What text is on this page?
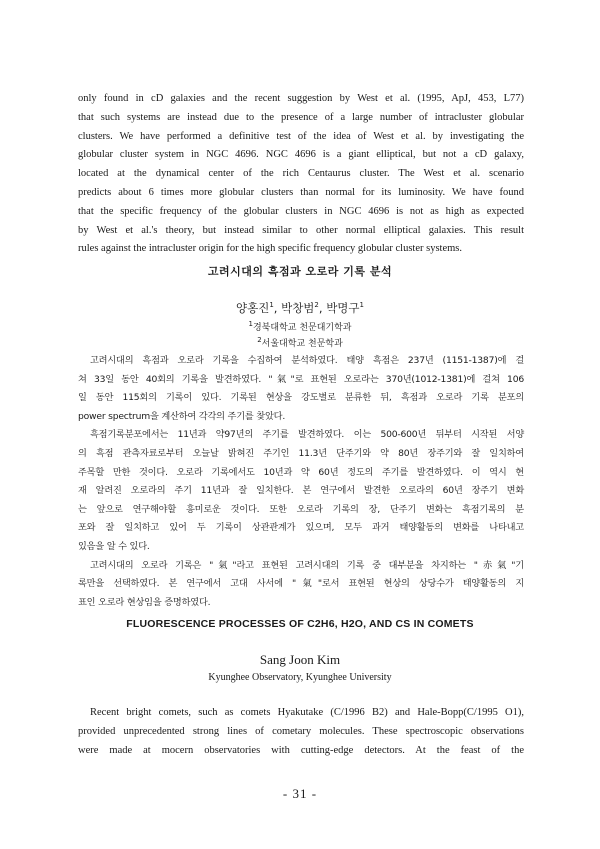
only found in cD galaxies and the recent suggestion by West et al. (1995, ApJ, 453, L77)
that such systems are instead due to the presence of a large number of intracluster globular
clusters. We have performed a definitive test of the idea of West et al. by investigating the
globular cluster system in NGC 4696. NGC 4696 is a giant elliptical, but not a cD galaxy,
located at the dynamical center of the rich Centaurus cluster. The West et al. scenario
predicts about 6 times more globular clusters than normal for its luminosity. We have found
that the specific frequency of the globular clusters in NGC 4696 is not as high as expected
by West et al.'s theory, but instead similar to other normal elliptical galaxies. This result
rules against the intracluster origin for the high specific frequency globular cluster systems.

고려시대의 흑점과 오로라 기록 분석
양홍진$^1$, 박창범$^2$, 박명구$^1$
$^1$경북대학교 천문대기학과
$^2$서울대학교 천문학과

고려시대의 흑점과 오로라 기록을 수집하여 분석하였다. 태양 흑점은 237년 (1151-1387)에 걸
쳐 33일 동안 40회의 기록을 발견하였다. "氣"로 표현된 오로라는 370년(1012-1381)에 걸쳐 106
일 동안 115회의 기록이 있다. 기록된 현상을 강도별로 분류한 뒤, 흑점과 오로라 기록 분포의
power spectrum을 계산하여 각각의 주기를 찾았다.
흑점기록분포에서는 11년과 약97년의 주기를 발견하였다. 이는 500-600년 뒤부터 시작된 서양
의 흑점 관측자료로부터 오늘날 밝혀진 주기인 11.3년 단주기와 약 80년 장주기와 잘 일치하여
주목할 만한 것이다. 오로라 기록에서도 10년과 약 60년 정도의 주기를 발견하였다. 이 역시 현
재 알려진 오로라의 주기 11년과 잘 일치한다. 본 연구에서 발견한 오로라의 60년 장주기 변화
는 앞으로 연구해야할 흥미로운 것이다. 또한 오로라 기록의 장, 단주기 변화는 흑점기록의 분
포와 잘 일치하고 있어 두 기록이 상관관계가 있으며, 모두 과거 태양활동의 변화를 나타내고
있음을 알 수 있다.
고려시대의 오로라 기록은 "氣"라고 표현된 고려시대의 기록 중 대부분을 차지하는 "赤氣"기
록만을 선택하였다. 본 연구에서 고대 사서에 "氣"로서 표현된 현상의 상당수가 태양활동의 지
표인 오로라 현상임을 증명하였다.

FLUORESCENCE PROCESSES OF C2H6, H2O, AND CS IN COMETS
Sang Joon Kim
Kyunghee Observatory, Kyunghee University

Recent bright comets, such as comets Hyakutake (C/1996 B2) and Hale-Bopp(C/1995 O1),
provided unprecedented strong lines of cometary molecules. These spectroscopic observations
were made at mocern observatories with cutting-edge detectors. At the feast of the

- 31 -
